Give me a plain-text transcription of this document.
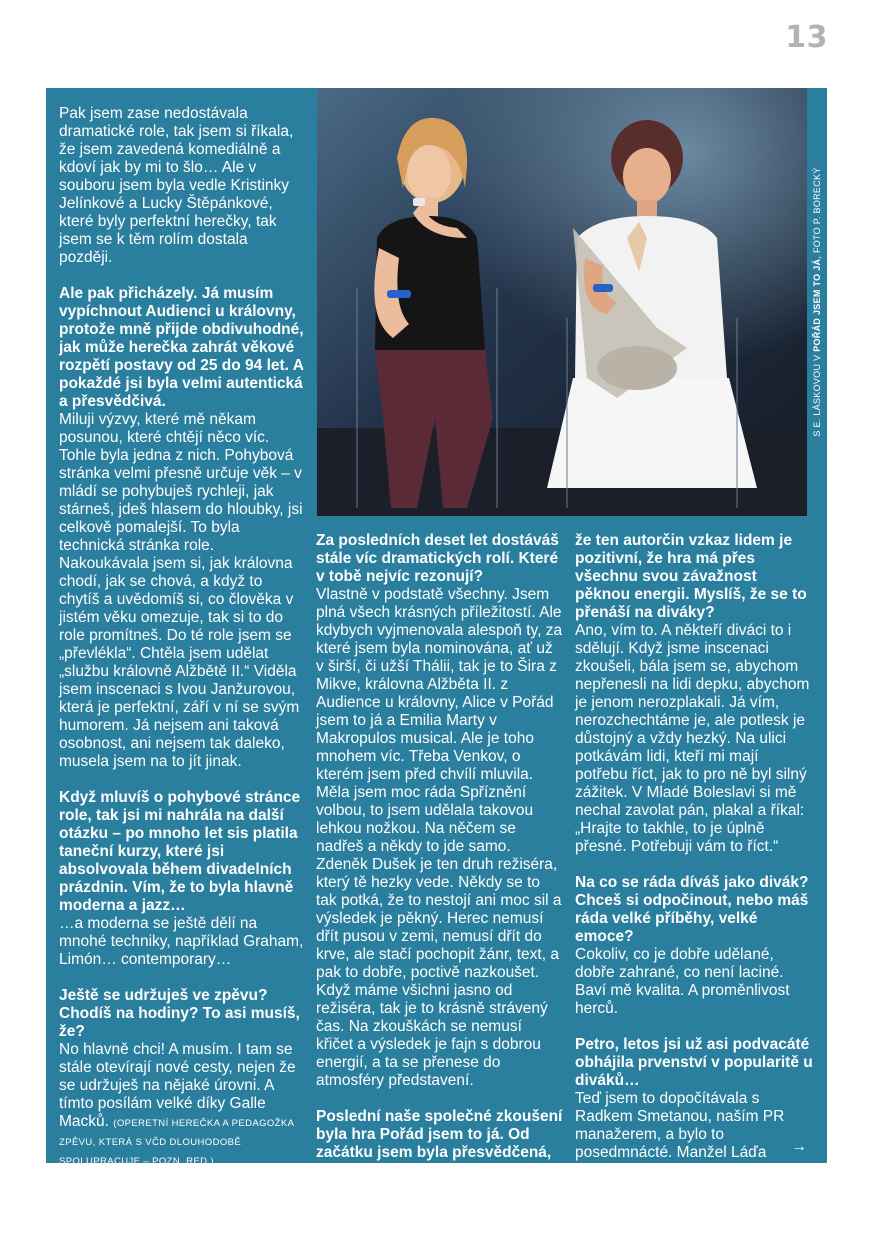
13
S E. LÁSKOVOU V POŘÁD JSEM TO JÁ, FOTO P. BORECKÝ

Pak jsem zase nedostávala dramatické role, tak jsem si říkala, že jsem zavedená komediálně a kdoví jak by mi to šlo… Ale v souboru jsem byla vedle Kristinky Jelínkové a Lucky Štěpánkové, které byly perfektní herečky, tak jsem se k těm rolím dostala později.

Ale pak přicházely. Já musím vypíchnout Audienci u královny, protože mně přijde obdivuhodné, jak může herečka zahrát věkové rozpětí postavy od 25 do 94 let. A pokaždé jsi byla velmi autentická a přesvědčivá.

Miluji výzvy, které mě někam posunou, které chtějí něco víc. Tohle byla jedna z nich. Pohybová stránka velmi přesně určuje věk – v mládí se pohybuješ rychleji, jak stárneš, jdeš hlasem do hloubky, jsi celkově pomalejší. To byla technická stránka role. Nakoukávala jsem si, jak královna chodí, jak se chová, a když to chytíš a uvědomíš si, co člověka v jistém věku omezuje, tak si to do role promítneš. Do té role jsem se „převlékla“. Chtěla jsem udělat „službu královně Alžbětě II.“ Viděla jsem inscenaci s Ivou Janžurovou, která je perfektní, září v ní se svým humorem. Já nejsem ani taková osobnost, ani nejsem tak daleko, musela jsem na to jít jinak.

Když mluvíš o pohybové stránce role, tak jsi mi nahrála na další otázku – po mnoho let sis platila taneční kurzy, které jsi absolvovala během divadelních prázdnin. Vím, že to byla hlavně moderna a jazz…

…a moderna se ještě dělí na mnohé techniky, například Graham, Limón… contemporary…

Ještě se udržuješ ve zpěvu? Chodíš na hodiny? To asi musíš, že?

No hlavně chci! A musím. I tam se stále otevírají nové cesty, nejen že se udržuješ na nějaké úrovni. A tímto posílám velké díky Galle Macků. (OPERETNÍ HEREČKA A PEDAGOŽKA ZPĚVU, KTERÁ S VČD DLOUHODOBĚ SPOLUPRACUJE – POZN. RED.)

Za posledních deset let dostáváš stále víc dramatických rolí. Které v tobě nejvíc rezonují?

Vlastně v podstatě všechny. Jsem plná všech krásných příležitostí. Ale kdybych vyjmenovala alespoň ty, za které jsem byla nominována, ať už v širší, či užší Thálii, tak je to Šira z Mikve, královna Alžběta II. z Audience u královny, Alice v Pořád jsem to já a Emilia Marty v Makropulos musical. Ale je toho mnohem víc. Třeba Venkov, o kterém jsem před chvílí mluvila. Měla jsem moc ráda Spříznění volbou, to jsem udělala takovou lehkou nožkou. Na něčem se nadřeš a někdy to jde samo. Zdeněk Dušek je ten druh režiséra, který tě hezky vede. Někdy se to tak potká, že to nestojí ani moc sil a výsledek je pěkný. Herec nemusí dřít pusou v zemi, nemusí dřít do krve, ale stačí pochopit žánr, text, a pak to dobře, poctivě nazkoušet. Když máme všichni jasno od režiséra, tak je to krásně strávený čas. Na zkouškách se nemusí křičet a výsledek je fajn s dobrou energií, a ta se přenese do atmosféry představení.

Poslední naše společné zkoušení byla hra Pořád jsem to já. Od začátku jsem byla přesvědčená,

že ten autorčin vzkaz lidem je pozitivní, že hra má přes všechnu svou závažnost pěknou energii. Myslíš, že se to přenáší na diváky?

Ano, vím to. A někteří diváci to i sdělují. Když jsme inscenaci zkoušeli, bála jsem se, abychom nepřenesli na lidi depku, abychom je jenom nerozplakali. Já vím, nerozchechtáme je, ale potlesk je důstojný a vždy hezký. Na ulici potkávám lidi, kteří mi mají potřebu říct, jak to pro ně byl silný zážitek. V Mladé Boleslavi si mě nechal zavolat pán, plakal a říkal: „Hrajte to takhle, to je úplně přesné. Potřebuji vám to říct.“

Na co se ráda díváš jako divák? Chceš si odpočinout, nebo máš ráda velké příběhy, velké emoce?

Cokoliv, co je dobře udělané, dobře zahrané, co není laciné. Baví mě kvalita. A proměnlivost herců.

Petro, letos jsi už asi podvacáté obhájila prvenství v popularitě u diváků…

Teď jsem to dopočítávala s Radkem Smetanou, naším PR manažerem, a bylo to posedmnácté. Manžel Láďa počtrnácté.

→
